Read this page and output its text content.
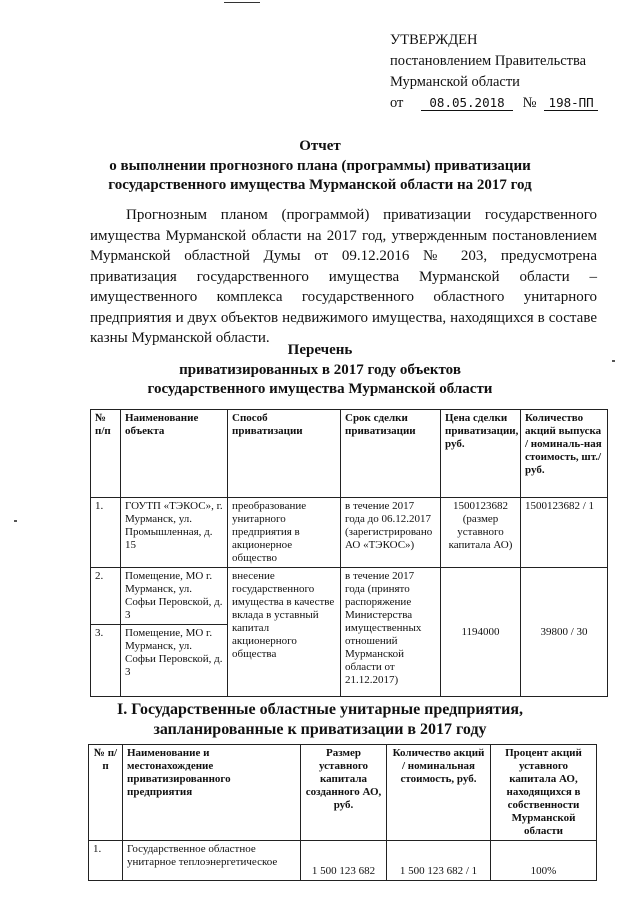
УТВЕРЖДЕН
постановлением Правительства
Мурманской области
от 08.05.2018 № 198-ПП
Отчет
о выполнении прогнозного плана (программы) приватизации
государственного имущества Мурманской области на 2017 год
Прогнозным планом (программой) приватизации государственного имущества Мурманской области на 2017 год, утвержденным постановлением Мурманской областной Думы от 09.12.2016 № 203, предусмотрена приватизация государственного имущества Мурманской области – имущественного комплекса государственного областного унитарного предприятия и двух объектов недвижимого имущества, находящихся в составе казны Мурманской области.
Перечень
приватизированных в 2017 году объектов
государственного имущества Мурманской области
№ п/п	Наименование объекта	Способ приватизации	Срок сделки приватизации	Цена сделки приватизации, руб.	Количество акций выпуска / номиналь-ная стоимость, шт./ руб.
1.	ГОУТП «ТЭКОС», г. Мурманск, ул. Промышленная, д. 15	преобразование унитарного предприятия в акционерное общество	в течение 2017 года до 06.12.2017 (зарегистрировано АО «ТЭКОС»)	1500123682 (размер уставного капитала АО)	1500123682 / 1
2.	Помещение, МО г. Мурманск, ул. Софьи Перовской, д. 3	внесение государственного имущества в качестве вклада в уставный капитал акционерного общества	в течение 2017 года (принято распоряжение Министерства имущественных отношений Мурманской области от 21.12.2017)	1194000	39800 / 30
3.	Помещение, МО г. Мурманск, ул. Софьи Перовской, д. 3				
I. Государственные областные унитарные предприятия,
запланированные к приватизации в 2017 году
№ п/п	Наименование и местонахождение приватизированного предприятия	Размер уставного капитала созданного АО, руб.	Количество акций / номинальная стоимость, руб.	Процент акций уставного капитала АО, находящихся в собственности Мурманской области
1.	Государственное областное унитарное теплоэнергетическое	1 500 123 682	1 500 123 682 / 1	100%
